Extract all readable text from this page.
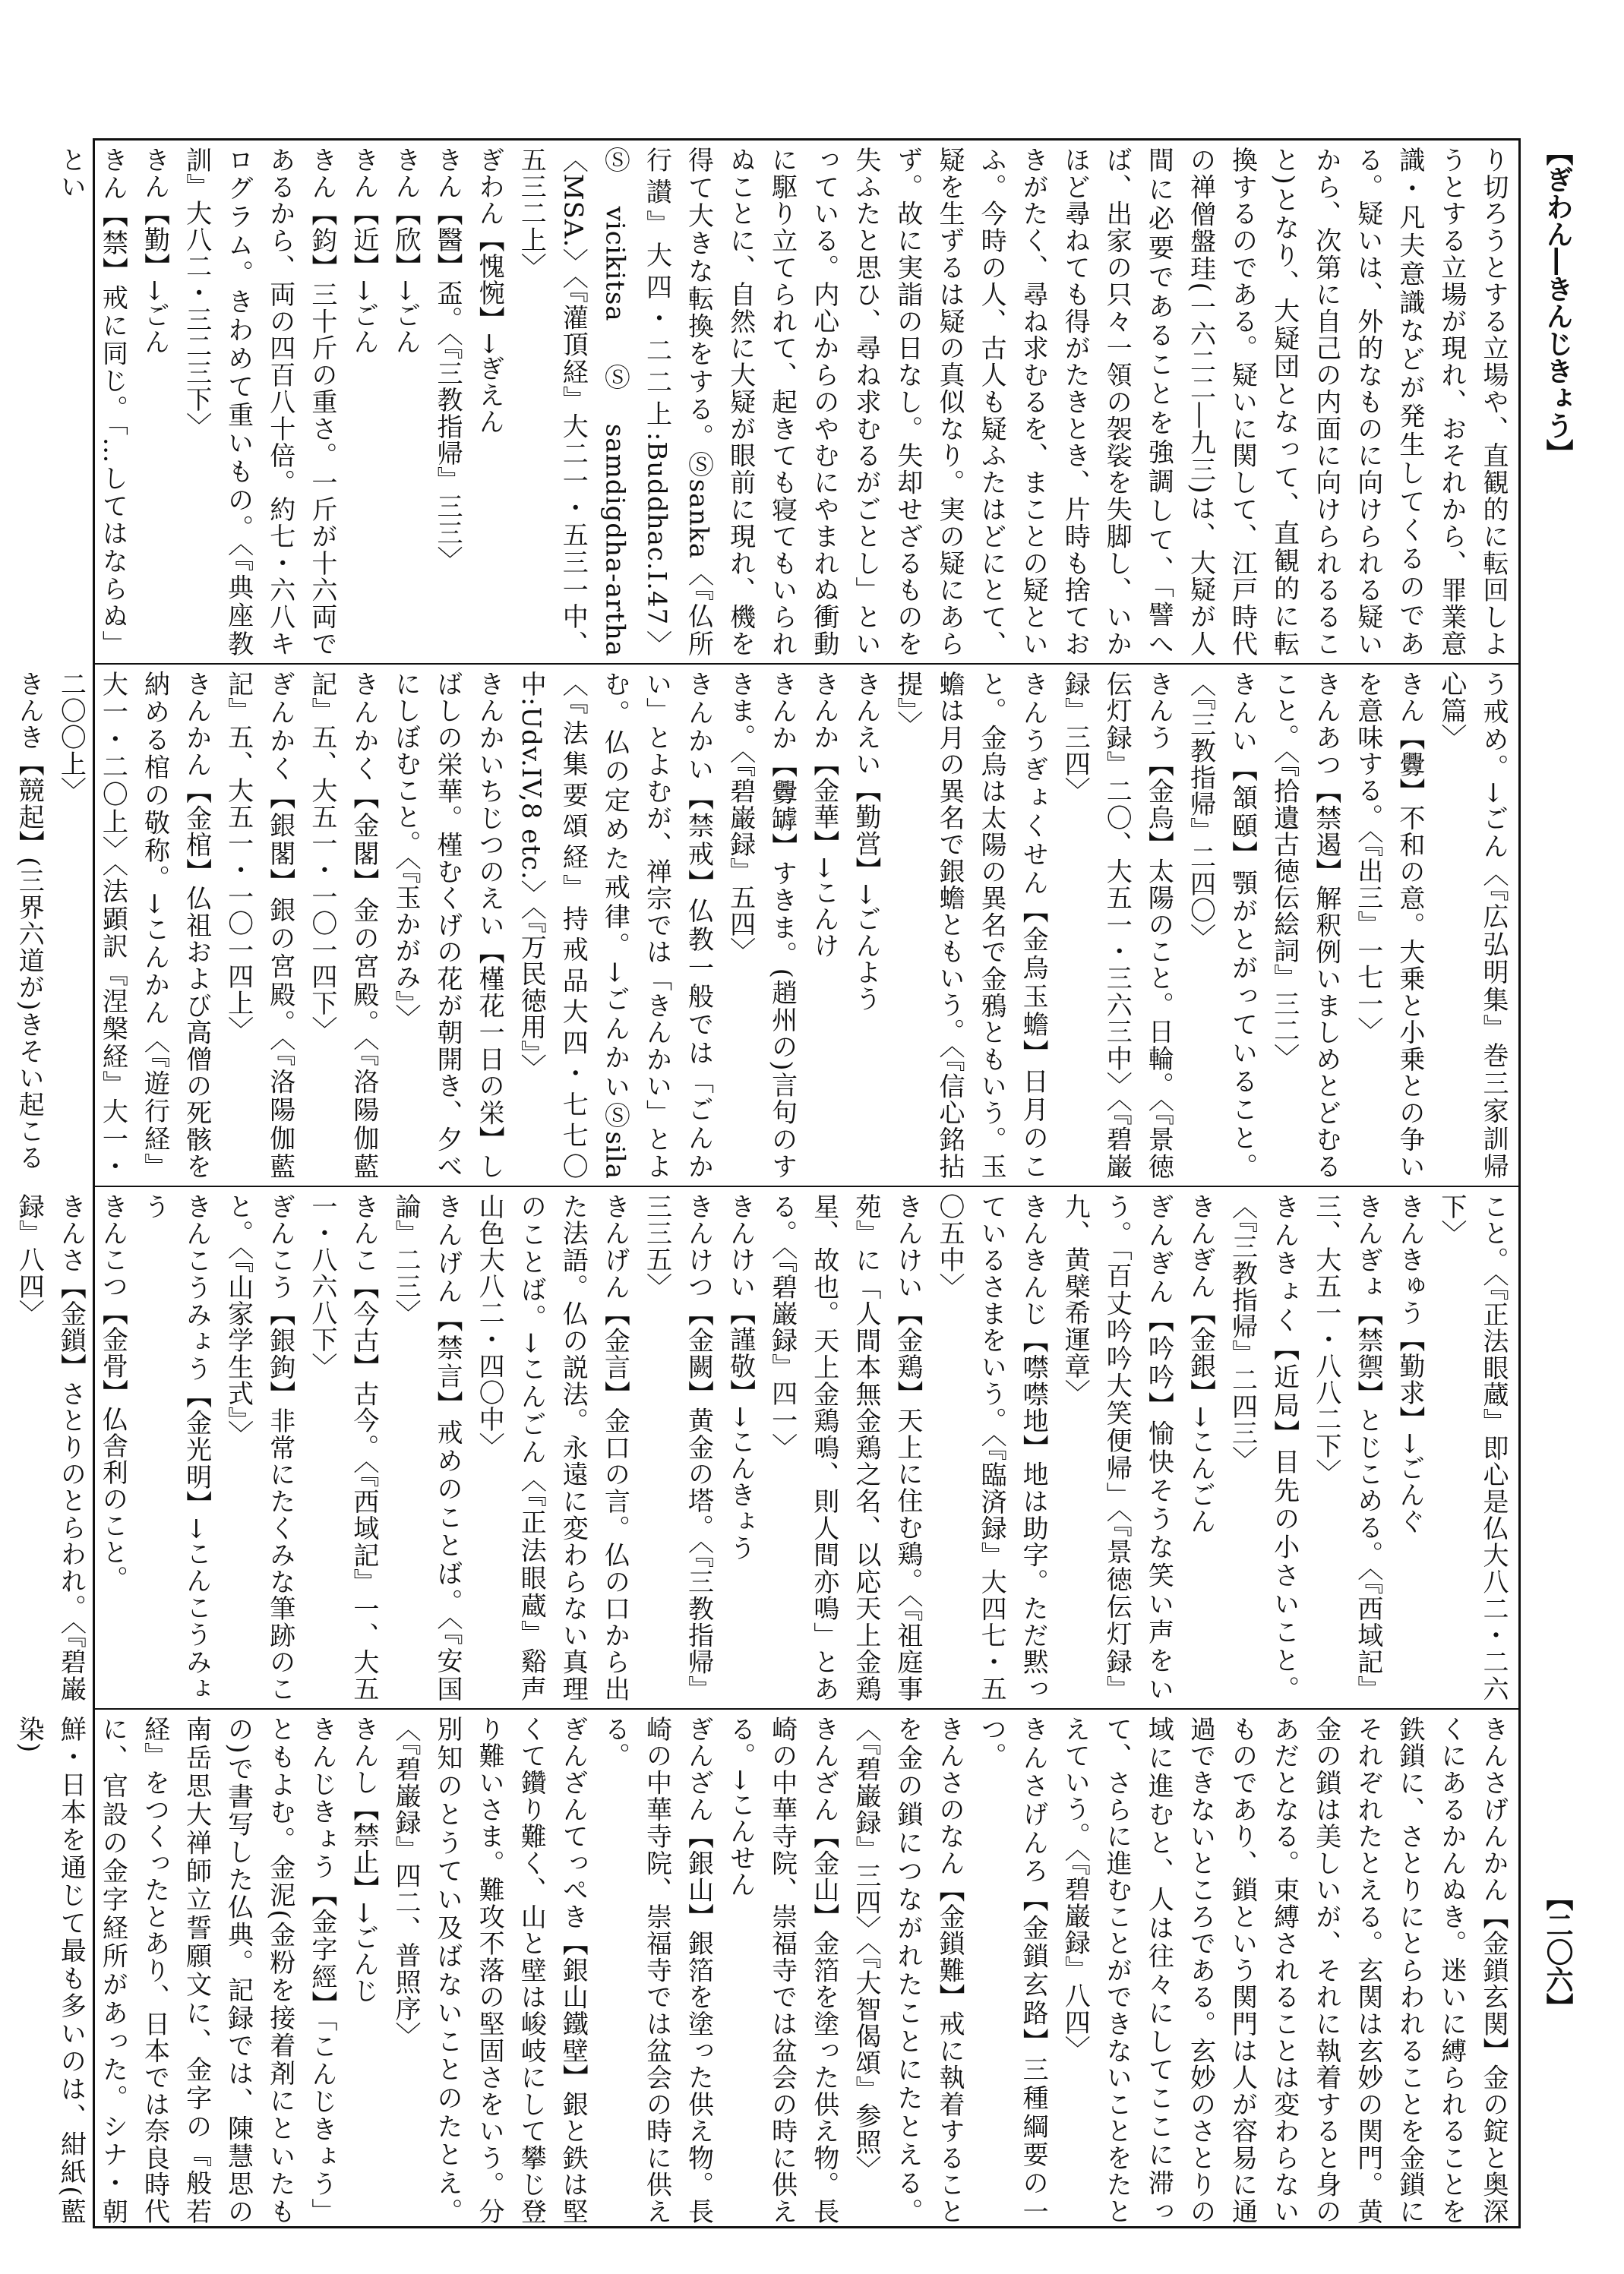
【ぎわん―きんじきょう】
【二〇六】

り切ろうとする立場や、直観的に転回しようとする立場が現れ、おそれから、罪業意識・凡夫意識などが発生してくるのである。疑いは、外的なものに向けられる疑いから、次第に自己の内面に向けられるること)となり、大疑団となって、直観的に転換するのである。疑いに関して、江戸時代の禅僧盤珪(一六二二―九三)は、大疑が人間に必要であることを強調して、「譬へば、出家の只々一領の袈裟を失脚し、いかほど尋ねても得がたきとき、片時も捨ておきがたく、尋ね求むるを、まことの疑といふ。今時の人、古人も疑ふたはどにとて、疑を生ずるは疑の真似なり。実の疑にあらず。故に実詣の日なし。失却せざるものを失ふたと思ひ、尋ね求むるがごとし」といっている。内心からのやむにやまれぬ衝動に駆り立てられて、起きても寝てもいられぬことに、自然に大疑が眼前に現れ、機を得て大きな転換をする。Ⓢsanka〈『仏所行讃』大四・二二上:Buddhac.I.47〉Ⓢvicikitsa Ⓢsamdigdha-artha〈MSA.〉〈『灌頂経』大二一・五三一中、五三二上〉

ぎわん【愧惋】→ぎえん

きん【醫】盃。〈『三教指帰』三三〉

きん【欣】→ごん

きん【近】→ごん

きん【鈞】三十斤の重さ。一斤が十六両であるから、両の四百八十倍。約七・六八キログラム。きわめて重いもの。〈『典座教訓』大八二・三二三下〉

きん【勤】→ごん

きん【禁】戒に同じ。「…してはならぬ」とい

う戒め。→ごん〈『広弘明集』巻三家訓帰心篇〉

きん【釁】不和の意。大乗と小乗との争いを意味する。〈『出三』一七一〉

きんあつ【禁遏】解釈例いましめとどむること。〈『拾遺古徳伝絵詞』三二〉

きんい【頷頤】顎がとがっていること。〈『三教指帰』二四〇〉

きんう【金烏】太陽のこと。日輪。〈『景徳伝灯録』二〇、大五一・三六三中〉〈『碧巌録』三四〉

きんうぎょくせん【金烏玉蟾】日月のこと。金烏は太陽の異名で金鴉ともいう。玉蟾は月の異名で銀蟾ともいう。〈『信心銘拈提』〉

きんえい【勤営】→ごんよう

きんか【金華】→こんけ

きんか【釁罅】すきま。(趙州の)言句のすきま。〈『碧巌録』五四〉

きんかい【禁戒】仏教一般では「ごんかい」とよむが、禅宗では「きんかい」とよむ。仏の定めた戒律。→ごんかいⓈsila〈『法集要頌経』持戒品大四・七七〇中:Udv.IV,8 etc.〉〈『万民徳用』〉

きんかいちじつのえい【槿花一日の栄】しばしの栄華。槿むくげの花が朝開き、夕べにしぼむこと。〈『玉かがみ』〉

きんかく【金閣】金の宮殿。〈『洛陽伽藍記』五、大五一・一〇一四下〉

ぎんかく【銀閣】銀の宮殿。〈『洛陽伽藍記』五、大五一・一〇一四上〉

きんかん【金棺】仏祖および高僧の死骸を納める棺の敬称。→こんかん〈『遊行経』大一・二〇上〉〈法顕訳『涅槃経』大一・二〇〇上〉

きんき【競起】(三界六道が)きそい起こる

こと。〈『正法眼蔵』即心是仏大八二・二六下〉

きんきゅう【勤求】→ごんぐ

きんぎょ【禁禦】とじこめる。〈『西域記』三、大五一・八八二下〉

きんきょく【近局】目先の小さいこと。〈『三教指帰』二四三〉

きんぎん【金銀】→こんごん

ぎんぎん【吟吟】愉快そうな笑い声をいう。「百丈吟吟大笑便帰」〈『景徳伝灯録』九、黄檗希運章〉

きんきんじ【噤噤地】地は助字。ただ黙っているさまをいう。〈『臨済録』大四七・五〇五中〉

きんけい【金鶏】天上に住む鶏。〈『祖庭事苑』に「人間本無金鶏之名、以応天上金鶏星、故也。天上金鶏鳴、則人間亦鳴」とある。〈『碧巌録』四一〉

きんけい【謹敬】→こんきょう

きんけつ【金闕】黄金の塔。〈『三教指帰』三三五〉

きんげん【金言】金口の言。仏の口から出た法語。仏の説法。永遠に変わらない真理のことば。→こんごん〈『正法眼蔵』谿声山色大八二・四〇中〉

きんげん【禁言】戒めのことば。〈『安国論』二三〉

きんこ【今古】古今。〈『西域記』一、大五一・八六八下〉

ぎんこう【銀鉤】非常にたくみな筆跡のこと。〈『山家学生式』〉

きんこうみょう【金光明】→こんこうみょう

きんこつ【金骨】仏舎利のこと。

きんさ【金鎖】さとりのとらわれ。〈『碧巌録』八四〉

きんさげんかん【金鎖玄関】金の錠と奥深くにあるかんぬき。迷いに縛られることを鉄鎖に、さとりにとらわれることを金鎖にそれぞれたとえる。玄関は玄妙の関門。黄金の鎖は美しいが、それに執着すると身のあだとなる。束縛されることは変わらないものであり、鎖という関門は人が容易に通過できないところである。玄妙のさとりの域に進むと、人は往々にしてここに滞って、さらに進むことができないことをたとえていう。〈『碧巌録』八四〉

きんさげんろ【金鎖玄路】三種綱要の一つ。

きんさのなん【金鎖難】戒に執着することを金の鎖につながれたことにたとえる。〈『碧巌録』三四〉〈『大智偈頌』参照〉

きんざん【金山】金箔を塗った供え物。長崎の中華寺院、崇福寺では盆会の時に供える。→こんせん

ぎんざん【銀山】銀箔を塗った供え物。長崎の中華寺院、崇福寺では盆会の時に供える。

ぎんざんてっぺき【銀山鐵壁】銀と鉄は堅くて鑽り難く、山と壁は峻岐にして攀じ登り難いさま。難攻不落の堅固さをいう。分別知のとうてい及ばないことのたとえ。〈『碧巌録』四二、普照序〉

きんし【禁止】→ごんじ

きんじきょう【金字經】「こんじきょう」ともよむ。金泥(金粉を接着剤にといたもの)で書写した仏典。記録では、陳慧思の南岳思大禅師立誓願文に、金字の『般若経』をつくったとあり、日本では奈良時代に、官設の金字経所があった。シナ・朝鮮・日本を通じて最も多いのは、紺紙(藍染)
